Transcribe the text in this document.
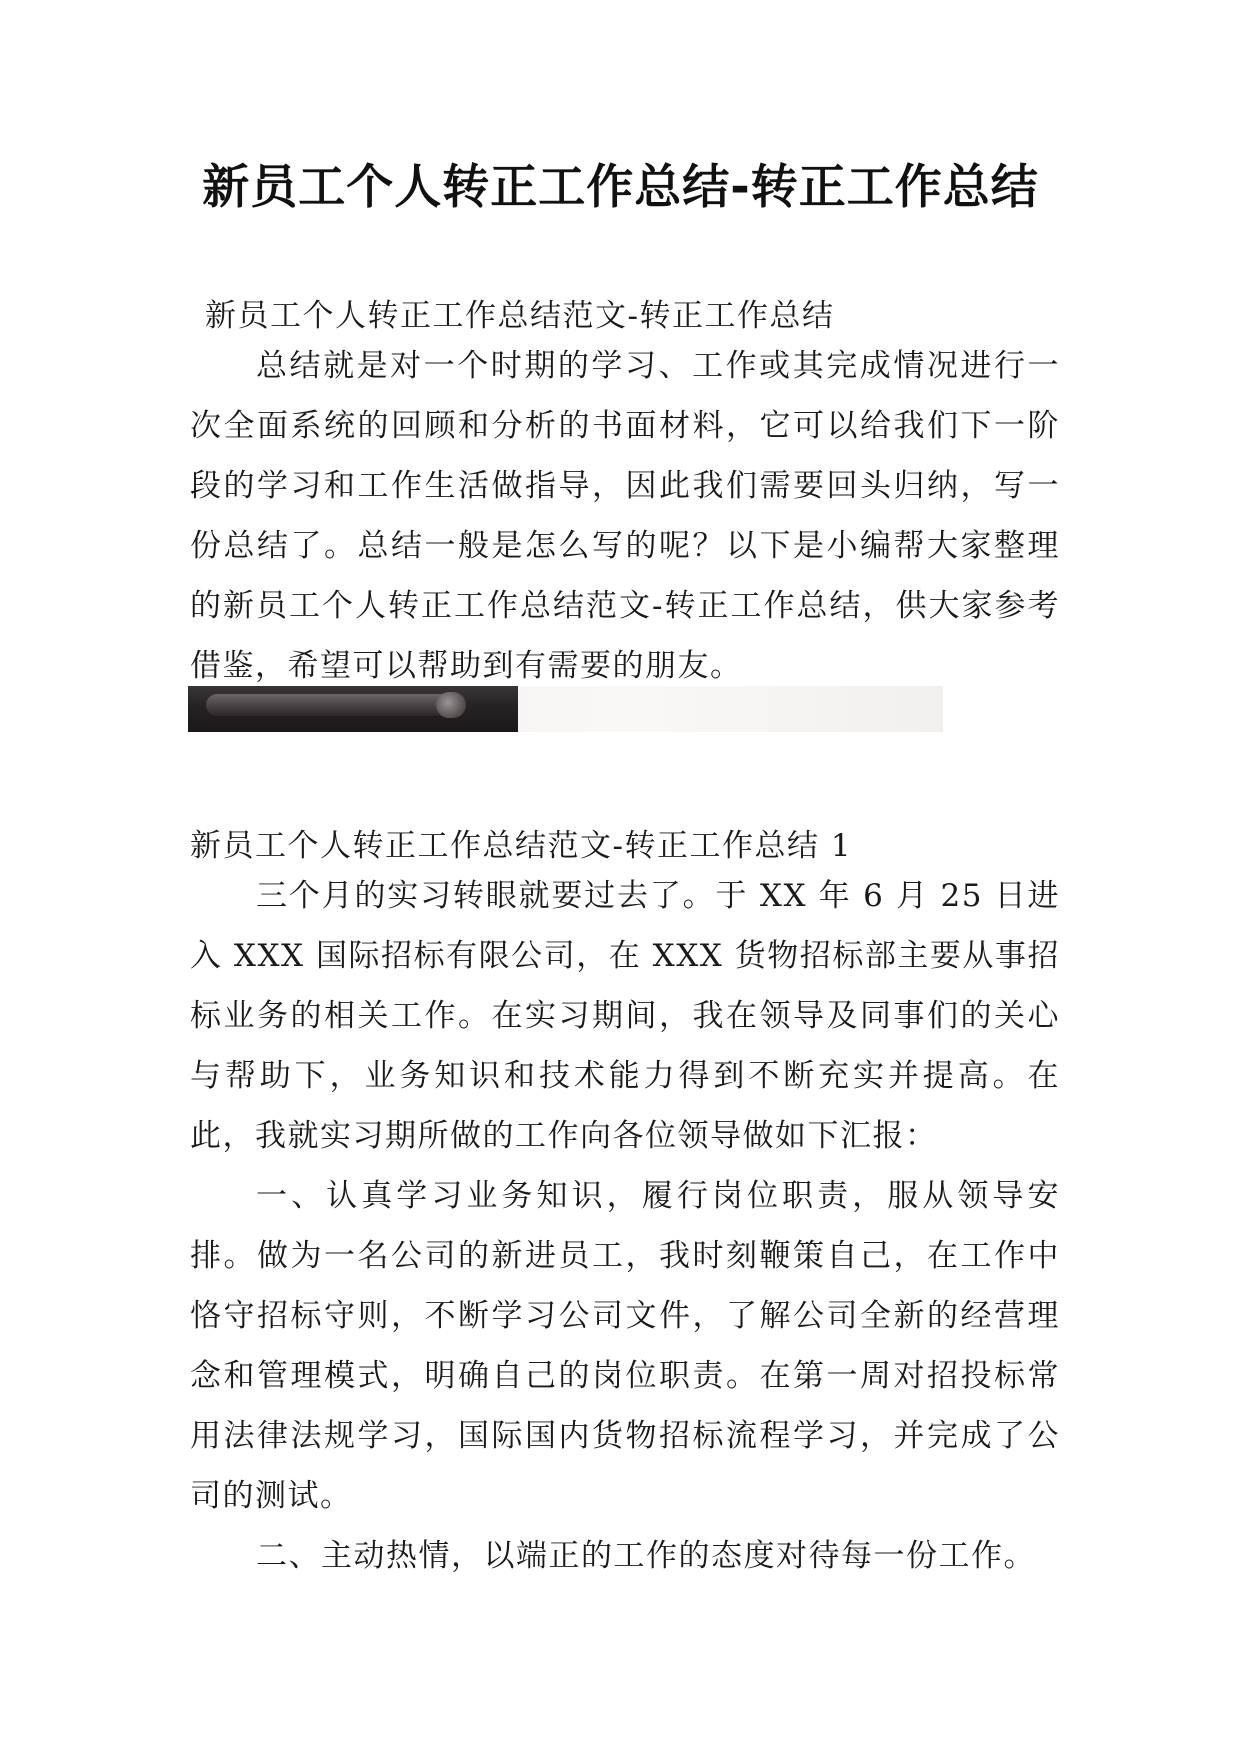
新员工个人转正工作总结-转正工作总结
新员工个人转正工作总结范文-转正工作总结

总结就是对一个时期的学习、工作或其完成情况进行一次全面系统的回顾和分析的书面材料，它可以给我们下一阶段的学习和工作生活做指导，因此我们需要回头归纳，写一份总结了。总结一般是怎么写的呢？以下是小编帮大家整理的新员工个人转正工作总结范文-转正工作总结，供大家参考借鉴，希望可以帮助到有需要的朋友。

新员工个人转正工作总结范文-转正工作总结 1

三个月的实习转眼就要过去了。于 XX 年 6 月 25 日进入 XXX 国际招标有限公司，在 XXX 货物招标部主要从事招标业务的相关工作。在实习期间，我在领导及同事们的关心与帮助下，业务知识和技术能力得到不断充实并提高。在此，我就实习期所做的工作向各位领导做如下汇报：

一、认真学习业务知识，履行岗位职责，服从领导安排。做为一名公司的新进员工，我时刻鞭策自己，在工作中恪守招标守则，不断学习公司文件，了解公司全新的经营理念和管理模式，明确自己的岗位职责。在第一周对招投标常用法律法规学习，国际国内货物招标流程学习，并完成了公司的测试。

二、主动热情，以端正的工作的态度对待每一份工作。
